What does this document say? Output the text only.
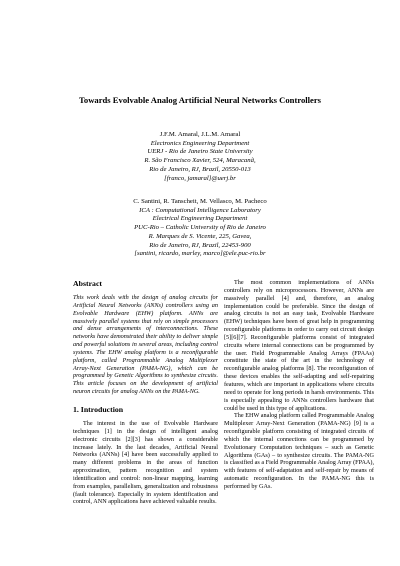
Towards Evolvable Analog Artificial Neural Networks Controllers
J.F.M. Amaral, J.L.M. Amaral
Electronics Engineering Department
UERJ - Rio de Janeiro State University
R. São Francisco Xavier, 524, Maracanã,
Rio de Janeiro, RJ, Brazil, 20550-013
[franco, jamaral]@uerj.br
C. Santini, R. Tanscheit, M. Vellasco, M. Pacheco
ICA : Computational Intelligence Laboratory
Electrical Engineering Department
PUC-Rio – Catholic University of Rio de Janeiro
R. Marques de S. Vicente, 225, Gavea,
Rio de Janeiro, RJ, Brazil, 22453-900
[santini, ricardo, marley, marco]@ele.puc-rio.br
Abstract

This work deals with the design of analog circuits for Artificial Neural Networks (ANNs) controllers using an Evolvable Hardware (EHW) platform. ANNs are massively parallel systems that rely on simple processors and dense arrangements of interconnections. These networks have demonstrated their ability to deliver simple and powerful solutions in several areas, including control systems. The EHW analog platform is a reconfigurable platform, called Programmable Analog Multiplexer Array-Next Generation (PAMA-NG), which can be programmed by Genetic Algorithms to synthesize circuits. This article focuses on the development of artificial neuron circuits for analog ANNs on the PAMA-NG.

1. Introduction

The interest in the use of Evolvable Hardware techniques [1] in the design of intelligent analog electronic circuits [2][3] has shown a considerable increase lately. In the last decades, Artificial Neural Networks (ANNs) [4] have been successfully applied to many different problems in the areas of function approximation, pattern recognition and system identification and control: non-linear mapping, learning from examples, parallelism, generalization and robustness (fault tolerance). Especially in system identification and control, ANN applications have achieved valuable results.

The most common implementations of ANNs controllers rely on microprocessors. However, ANNs are massively parallel [4] and, therefore, an analog implementation could be preferable. Since the design of analog circuits is not an easy task, Evolvable Hardware (EHW) techniques have been of great help in programming reconfigurable platforms in order to carry out circuit design [5][6][7]. Reconfigurable platforms consist of integrated circuits where internal connections can be programmed by the user. Field Programmable Analog Arrays (FPAAs) constitute the state of the art in the technology of reconfigurable analog platforms [8]. The reconfiguration of these devices enables the self-adapting and self-repairing features, which are important in applications where circuits need to operate for long periods in harsh environments. This is especially appealing to ANNs controllers hardware that could be used in this type of applications.

The EHW analog platform called Programmable Analog Multiplexer Array-Next Generation (PAMA-NG) [9] is a reconfigurable platform consisting of integrated circuits of which the internal connections can be programmed by Evolutionary Computation techniques – such as Genetic Algorithms (GAs) – to synthesize circuits. The PAMA-NG is classified as a Field Programmable Analog Array (FPAA), with features of self-adaptation and self-repair by means of automatic reconfiguration. In the PAMA-NG this is performed by GAs.
